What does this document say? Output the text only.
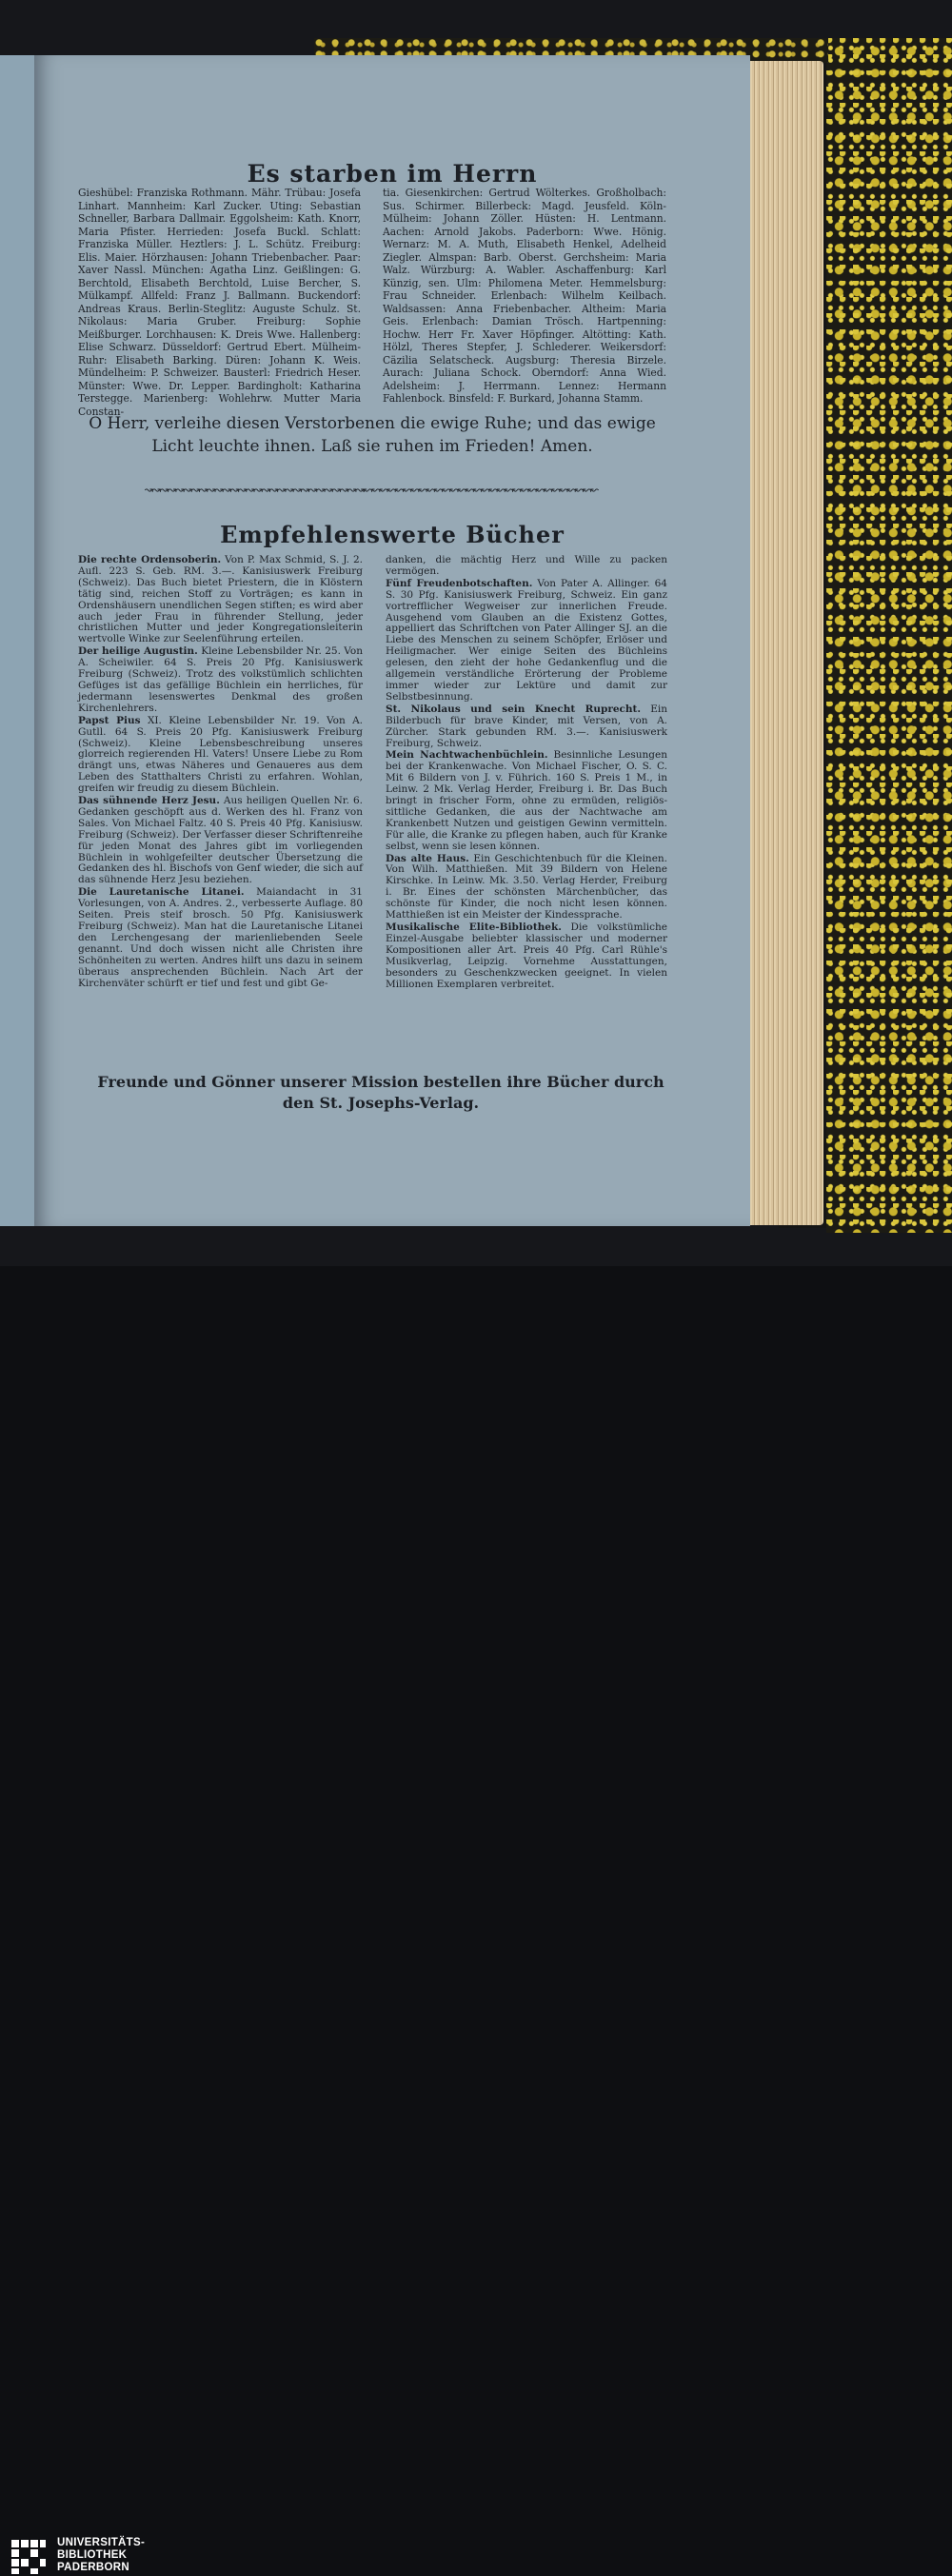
Es starben im Herrn
Gieshübel: Franziska Rothmann. Mähr. Trübau: Josefa Linhart. Mannheim: Karl Zucker. Uting: Sebastian Schneller, Barbara Dallmair. Eggolsheim: Kath. Knorr, Maria Pfister. Herrieden: Josefa Buckl. Schlatt: Franziska Müller. Heztlers: J. L. Schütz. Freiburg: Elis. Maier. Hörzhausen: Johann Triebenbacher. Paar: Xaver Nassl. München: Agatha Linz. Geißlingen: G. Berchtold, Elisabeth Berchtold, Luise Bercher, S. Mülkampf. Allfeld: Franz J. Ballmann. Buckendorf: Andreas Kraus. Berlin-Steglitz: Auguste Schulz. St. Nikolaus: Maria Gruber. Freiburg: Sophie Meißburger. Lorchhausen: K. Dreis Wwe. Hallenberg: Elise Schwarz. Düsseldorf: Gertrud Ebert. Mülheim-Ruhr: Elisabeth Barking. Düren: Johann K. Weis. Mündelheim: P. Schweizer. Bausterl: Friedrich Heser. Münster: Wwe. Dr. Lepper. Bardingholt: Katharina Terstegge. Marienberg: Wohlehrw. Mutter Maria Constan-
tia. Giesenkirchen: Gertrud Wölterkes. Großholbach: Sus. Schirmer. Billerbeck: Magd. Jeusfeld. Köln-Mülheim: Johann Zöller. Hüsten: H. Lentmann. Aachen: Arnold Jakobs. Paderborn: Wwe. Hönig. Wernarz: M. A. Muth, Elisabeth Henkel, Adelheid Ziegler. Almspan: Barb. Oberst. Gerchsheim: Maria Walz. Würzburg: A. Wabler. Aschaffenburg: Karl Künzig, sen. Ulm: Philomena Meter. Hemmelsburg: Frau Schneider. Erlenbach: Wilhelm Keilbach. Waldsassen: Anna Friebenbacher. Altheim: Maria Geis. Erlenbach: Damian Trösch. Hartpenning: Hochw. Herr Fr. Xaver Höpfinger. Altötting: Kath. Hölzl, Theres Stepfer, J. Schlederer. Weikersdorf: Cäzilia Selatscheck. Augsburg: Theresia Birzele. Aurach: Juliana Schock. Oberndorf: Anna Wied. Adelsheim: J. Herrmann. Lennez: Hermann Fahlenbock. Binsfeld: F. Burkard, Johanna Stamm.
O Herr, verleihe diesen Verstorbenen die ewige Ruhe; und das ewige Licht leuchte ihnen. Laß sie ruhen im Frieden! Amen.
↝↝↝↝↝↝↝↝↝↝↝↝↝↝↝↝↝↝↝↝↝↝↝↝↝↝↝↝↜↜↜↜↜↜↜↜↜↜↜↜↜↜↜↜↜↜↜↜↜↜↜↜↜↜↜↜↜↜
Empfehlenswerte Bücher

Die rechte Ordensoberin. Von P. Max Schmid, S. J. 2. Aufl. 223 S. Geb. RM. 3.—. Kanisiuswerk Freiburg (Schweiz). Das Buch bietet Priestern, die in Klöstern tätig sind, reichen Stoff zu Vorträgen; es kann in Ordenshäusern unendlichen Segen stiften; es wird aber auch jeder Frau in führender Stellung, jeder christlichen Mutter und jeder Kongregationsleiterin wertvolle Winke zur Seelenführung erteilen.

Der heilige Augustin. Kleine Lebensbilder Nr. 25. Von A. Scheiwiler. 64 S. Preis 20 Pfg. Kanisiuswerk Freiburg (Schweiz). Trotz des volkstümlich schlichten Gefüges ist das gefällige Büchlein ein herrliches, für jedermann lesenswertes Denkmal des großen Kirchenlehrers.

Papst Pius XI. Kleine Lebensbilder Nr. 19. Von A. Gutll. 64 S. Preis 20 Pfg. Kanisiuswerk Freiburg (Schweiz). Kleine Lebensbeschreibung unseres glorreich regierenden Hl. Vaters! Unsere Liebe zu Rom drängt uns, etwas Näheres und Genaueres aus dem Leben des Statthalters Christi zu erfahren. Wohlan, greifen wir freudig zu diesem Büchlein.

Das sühnende Herz Jesu. Aus heiligen Quellen Nr. 6. Gedanken geschöpft aus d. Werken des hl. Franz von Sales. Von Michael Faltz. 40 S. Preis 40 Pfg. Kanisiusw. Freiburg (Schweiz). Der Verfasser dieser Schriftenreihe für jeden Monat des Jahres gibt im vorliegenden Büchlein in wohlgefeilter deutscher Übersetzung die Gedanken des hl. Bischofs von Genf wieder, die sich auf das sühnende Herz Jesu beziehen.

Die Lauretanische Litanei. Maiandacht in 31 Vorlesungen, von A. Andres. 2., verbesserte Auflage. 80 Seiten. Preis steif brosch. 50 Pfg. Kanisiuswerk Freiburg (Schweiz). Man hat die Lauretanische Litanei den Lerchengesang der marienliebenden Seele genannt. Und doch wissen nicht alle Christen ihre Schönheiten zu werten. Andres hilft uns dazu in seinem überaus ansprechenden Büchlein. Nach Art der Kirchenväter schürft er tief und fest und gibt Ge-

danken, die mächtig Herz und Wille zu packen vermögen.

Fünf Freudenbotschaften. Von Pater A. Allinger. 64 S. 30 Pfg. Kanisiuswerk Freiburg, Schweiz. Ein ganz vortrefflicher Wegweiser zur innerlichen Freude. Ausgehend vom Glauben an die Existenz Gottes, appelliert das Schriftchen von Pater Allinger SJ. an die Liebe des Menschen zu seinem Schöpfer, Erlöser und Heiligmacher. Wer einige Seiten des Büchleins gelesen, den zieht der hohe Gedankenflug und die allgemein verständliche Erörterung der Probleme immer wieder zur Lektüre und damit zur Selbstbesinnung.

St. Nikolaus und sein Knecht Ruprecht. Ein Bilderbuch für brave Kinder, mit Versen, von A. Zürcher. Stark gebunden RM. 3.—. Kanisiuswerk Freiburg, Schweiz.

Mein Nachtwachenbüchlein. Besinnliche Lesungen bei der Krankenwache. Von Michael Fischer, O. S. C. Mit 6 Bildern von J. v. Führich. 160 S. Preis 1 M., in Leinw. 2 Mk. Verlag Herder, Freiburg i. Br. Das Buch bringt in frischer Form, ohne zu ermüden, religiös-sittliche Gedanken, die aus der Nachtwache am Krankenbett Nutzen und geistigen Gewinn vermitteln. Für alle, die Kranke zu pflegen haben, auch für Kranke selbst, wenn sie lesen können.

Das alte Haus. Ein Geschichtenbuch für die Kleinen. Von Wilh. Matthießen. Mit 39 Bildern von Helene Kirschke. In Leinw. Mk. 3.50. Verlag Herder, Freiburg i. Br. Eines der schönsten Märchenbücher, das schönste für Kinder, die noch nicht lesen können. Matthießen ist ein Meister der Kindessprache.

Musikalische Elite-Bibliothek. Die volkstümliche Einzel-Ausgabe beliebter klassischer und moderner Kompositionen aller Art. Preis 40 Pfg. Carl Rühle's Musikverlag, Leipzig. Vornehme Ausstattungen, besonders zu Geschenkzwecken geeignet. In vielen Millionen Exemplaren verbreitet.

Freunde und Gönner unserer Mission bestellen ihre Bücher durch den St. Josephs-Verlag.
UNIVERSITÄTS-
BIBLIOTHEK
PADERBORN
